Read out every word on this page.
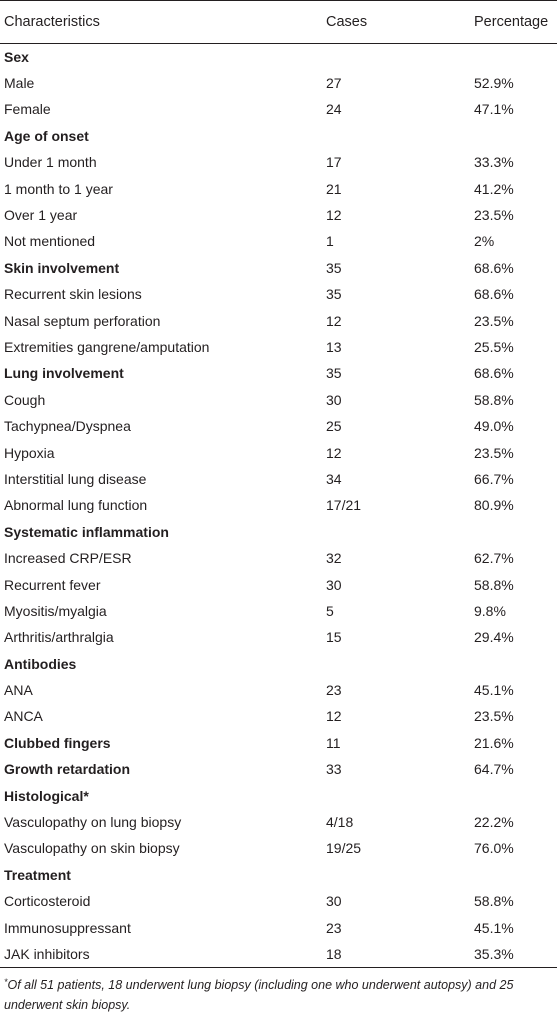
Characteristics	Cases	Percentage
Sex		
Male	27	52.9%
Female	24	47.1%
Age of onset		
Under 1 month	17	33.3%
1 month to 1 year	21	41.2%
Over 1 year	12	23.5%
Not mentioned	1	2%
Skin involvement	35	68.6%
Recurrent skin lesions	35	68.6%
Nasal septum perforation	12	23.5%
Extremities gangrene/amputation	13	25.5%
Lung involvement	35	68.6%
Cough	30	58.8%
Tachypnea/Dyspnea	25	49.0%
Hypoxia	12	23.5%
Interstitial lung disease	34	66.7%
Abnormal lung function	17/21	80.9%
Systematic inflammation		
Increased CRP/ESR	32	62.7%
Recurrent fever	30	58.8%
Myositis/myalgia	5	9.8%
Arthritis/arthralgia	15	29.4%
Antibodies		
ANA	23	45.1%
ANCA	12	23.5%
Clubbed fingers	11	21.6%
Growth retardation	33	64.7%
Histological*		
Vasculopathy on lung biopsy	4/18	22.2%
Vasculopathy on skin biopsy	19/25	76.0%
Treatment		
Corticosteroid	30	58.8%
Immunosuppressant	23	45.1%
JAK inhibitors	18	35.3%

*Of all 51 patients, 18 underwent lung biopsy (including one who underwent autopsy) and 25 underwent skin biopsy.
